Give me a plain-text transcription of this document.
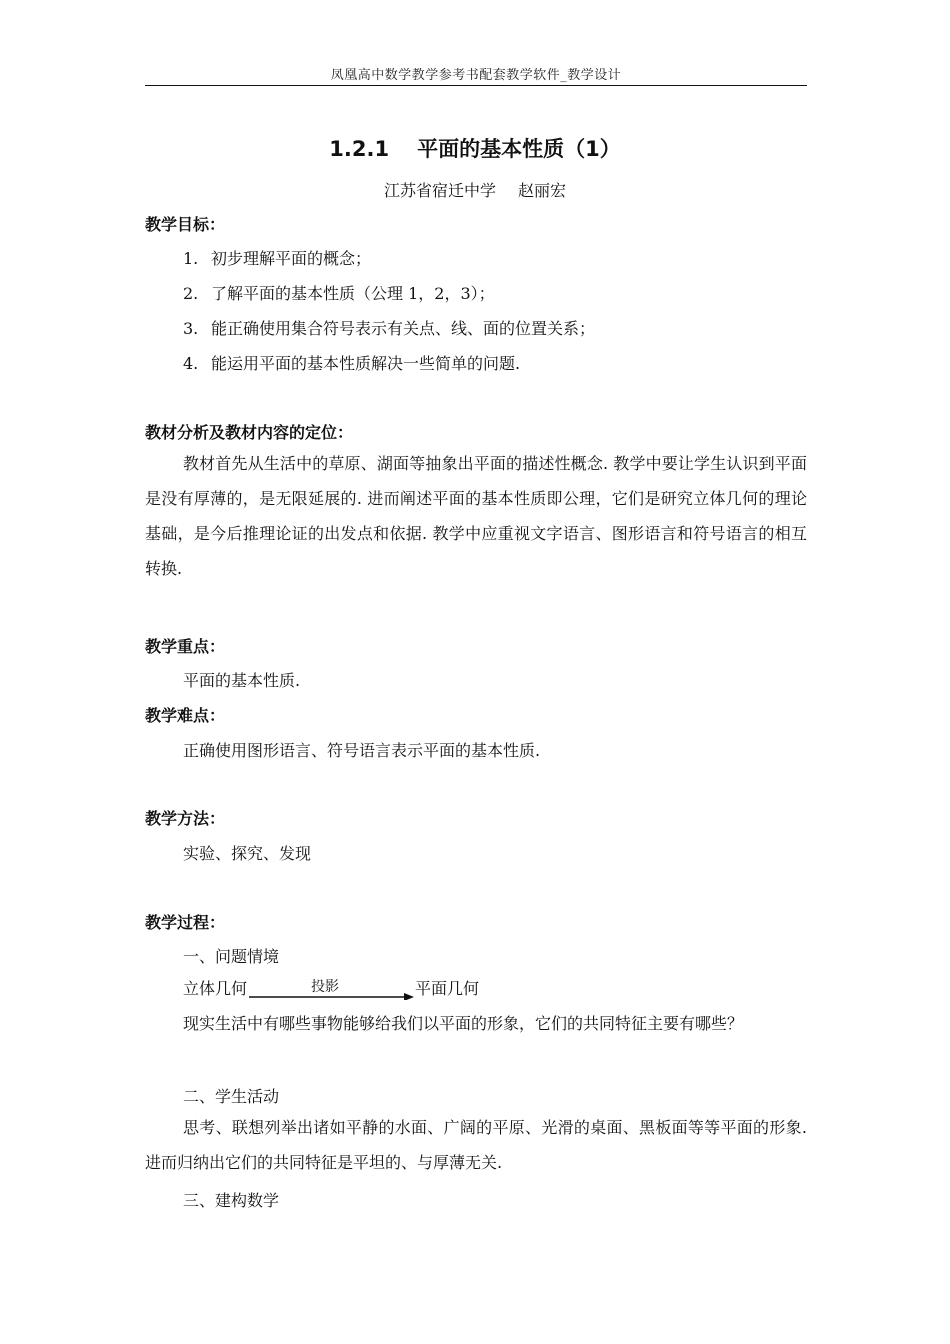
凤凰高中数学教学参考书配套教学软件_教学设计
1.2.1 平面的基本性质（1）
江苏省宿迁中学 赵丽宏
教学目标：
1. 初步理解平面的概念；
2. 了解平面的基本性质（公理 1，2，3）；
3. 能正确使用集合符号表示有关点、线、面的位置关系；
4. 能运用平面的基本性质解决一些简单的问题.
教材分析及教材内容的定位：
教材首先从生活中的草原、湖面等抽象出平面的描述性概念. 教学中要让学生认识到平面是没有厚薄的，是无限延展的. 进而阐述平面的基本性质即公理，它们是研究立体几何的理论基础，是今后推理论证的出发点和依据. 教学中应重视文字语言、图形语言和符号语言的相互转换.
教学重点：
平面的基本性质.
教学难点：
正确使用图形语言、符号语言表示平面的基本性质.
教学方法：
实验、探究、发现
教学过程：
一、问题情境
立体几何	投影	平面几何
现实生活中有哪些事物能够给我们以平面的形象，它们的共同特征主要有哪些？
二、学生活动
思考、联想列举出诸如平静的水面、广阔的平原、光滑的桌面、黑板面等等平面的形象. 进而归纳出它们的共同特征是平坦的、与厚薄无关.
三、建构数学
